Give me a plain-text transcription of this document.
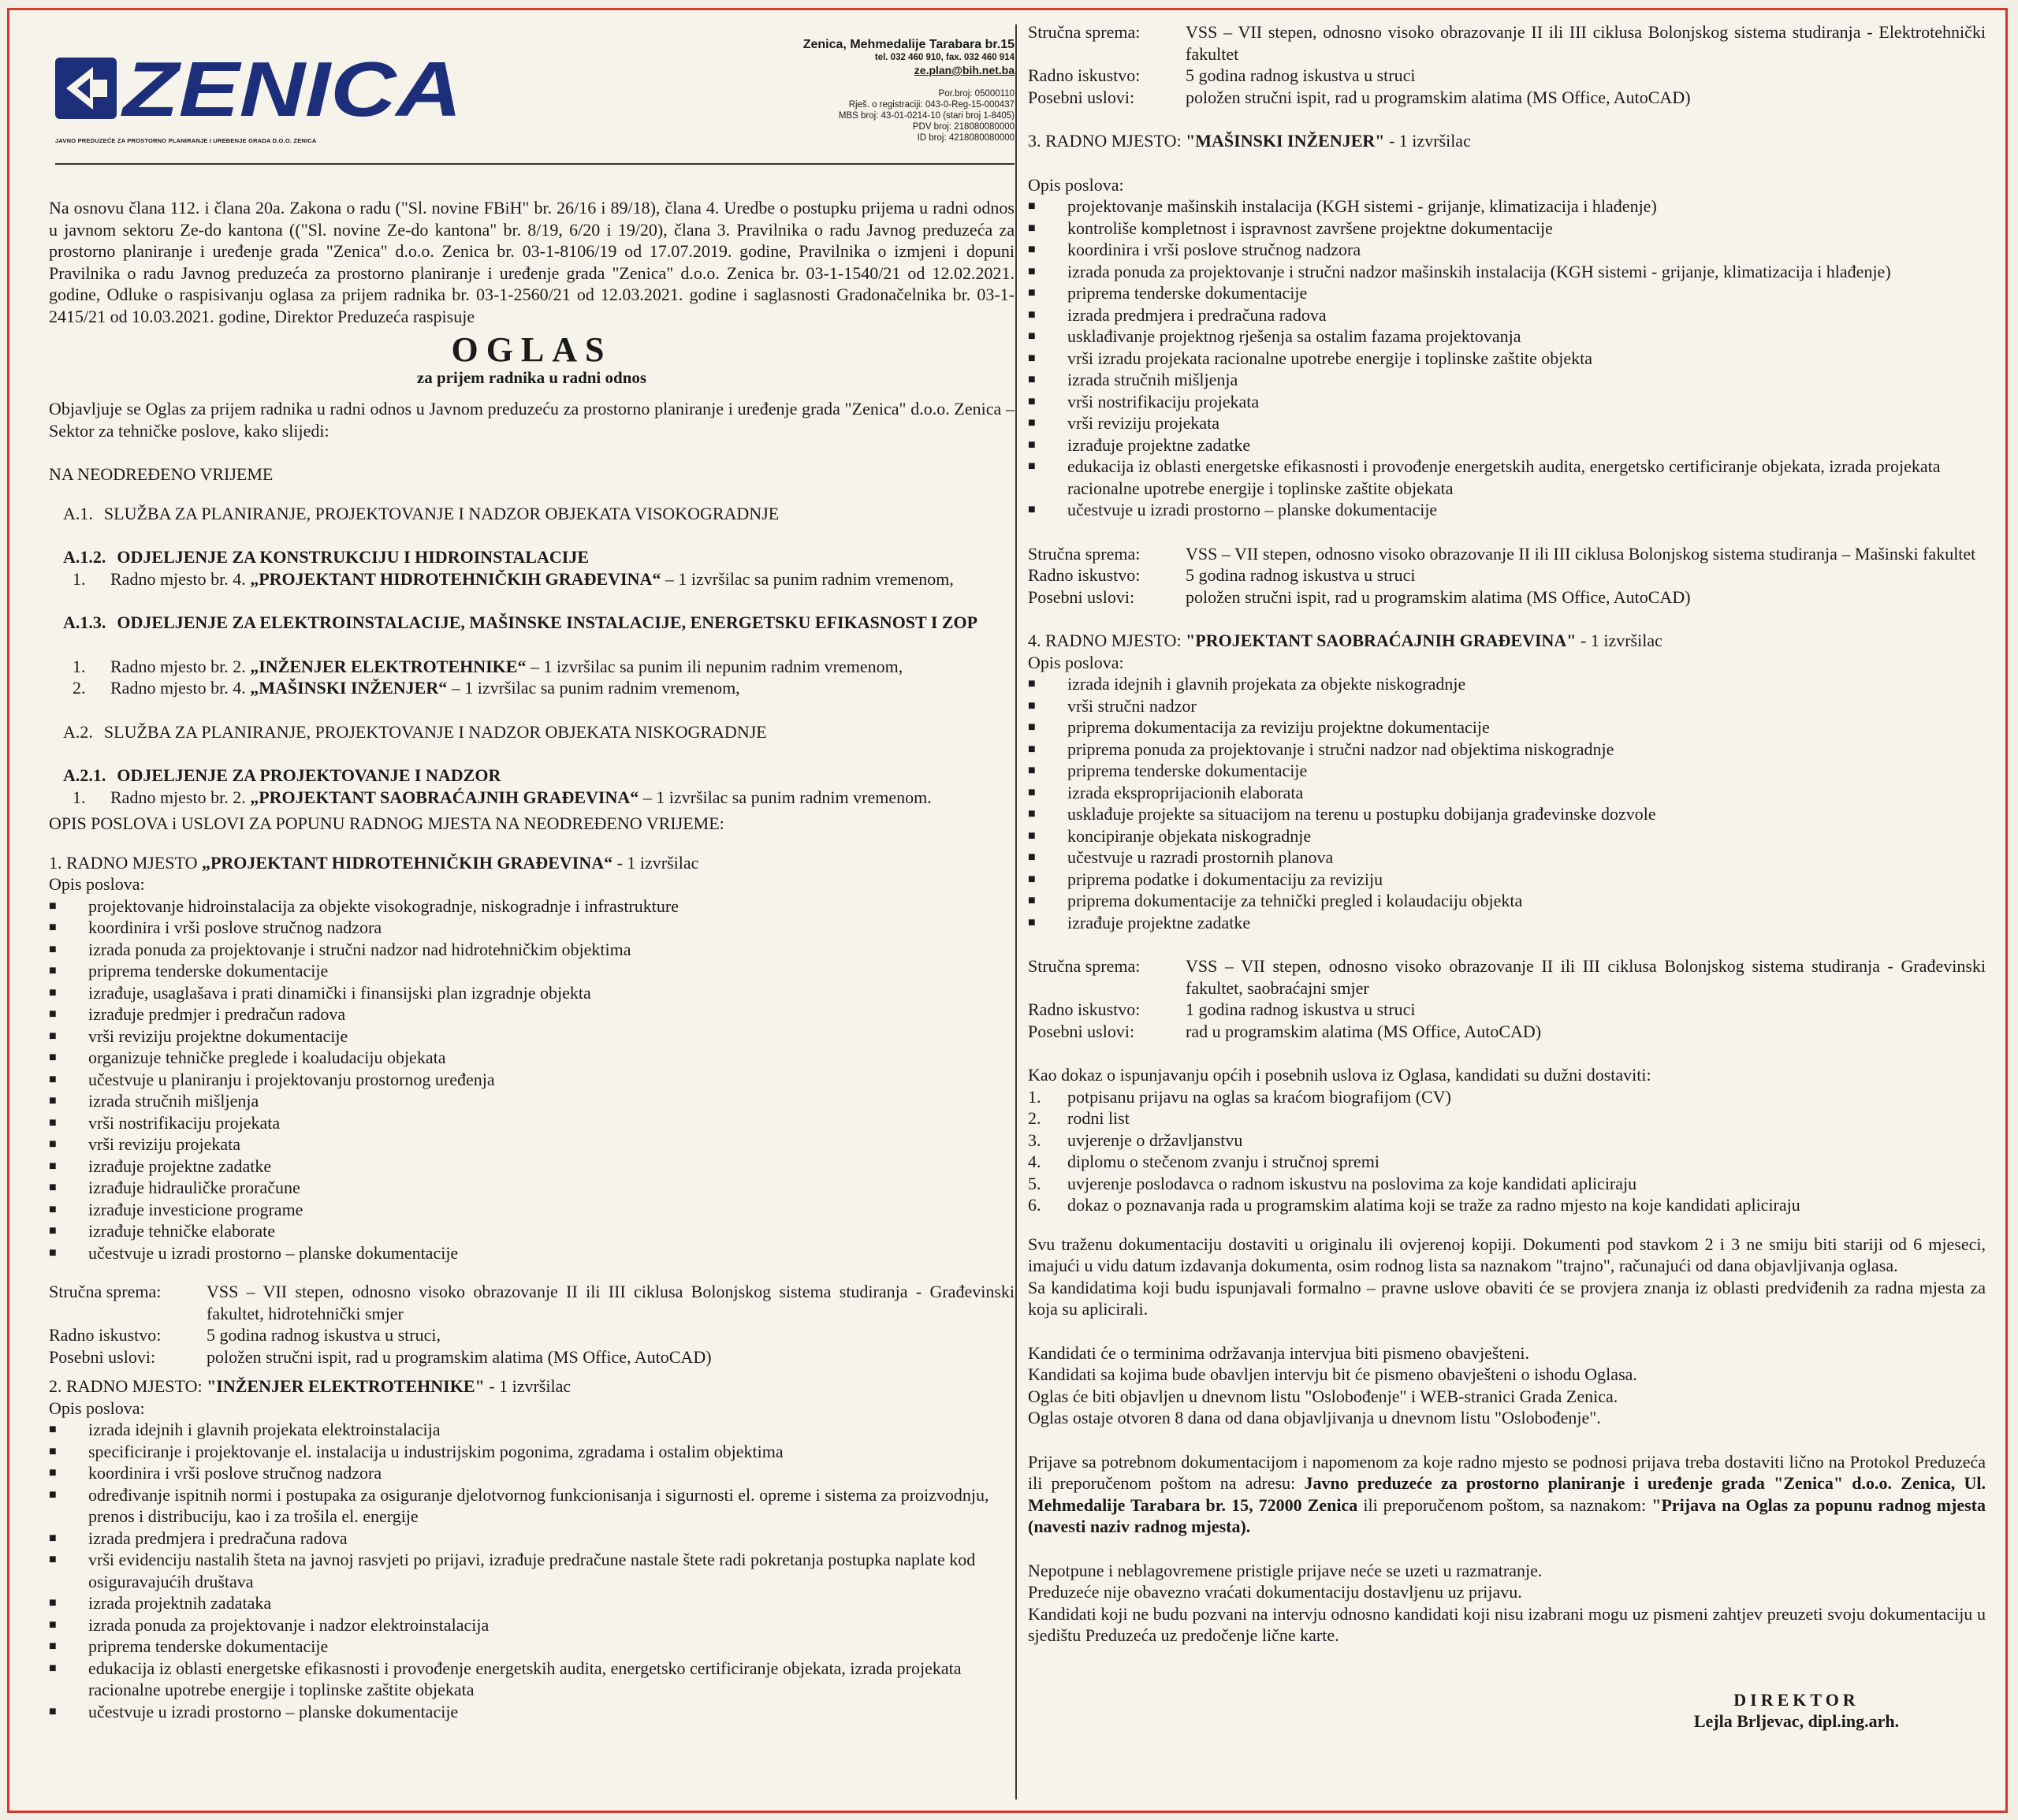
ZENICA
JAVNO PREDUZEĆE ZA PROSTORNO PLANIRANJE I UREĐENJE GRADA D.O.O. ZENICA
Zenica, Mehmedalije Tarabara br.15
tel. 032 460 910, fax. 032 460 914
ze.plan@bih.net.ba
Por.broj: 05000110
Rješ. o registraciji: 043-0-Reg-15-000437
MBS broj: 43-01-0214-10 (stari broj 1-8405)
PDV broj: 218080080000
ID broj: 4218080080000

Na osnovu člana 112. i člana 20a. Zakona o radu ("Sl. novine FBiH" br. 26/16 i 89/18), člana 4. Uredbe o postupku prijema u radni odnos u javnom sektoru Ze-do kantona (("Sl. novine Ze-do kantona" br. 8/19, 6/20 i 19/20), člana 3. Pravilnika o radu Javnog preduzeća za prostorno planiranje i uređenje grada "Zenica" d.o.o. Zenica br. 03-1-8106/19 od 17.07.2019. godine, Pravilnika o izmjeni i dopuni Pravilnika o radu Javnog preduzeća za prostorno planiranje i uređenje grada "Zenica" d.o.o. Zenica br. 03-1-1540/21 od 12.02.2021. godine, Odluke o raspisivanju oglasa za prijem radnika br. 03-1-2560/21 od 12.03.2021. godine i saglasnosti Gradonačelnika br. 03-1-2415/21 od 10.03.2021. godine, Direktor Preduzeća raspisuje

OGLAS
za prijem radnika u radni odnos

Objavljuje se Oglas za prijem radnika u radni odnos u Javnom preduzeću za prostorno planiranje i uređenje grada "Zenica" d.o.o. Zenica – Sektor za tehničke poslove, kako slijedi:

NA NEODREĐENO VRIJEME

A.1. SLUŽBA ZA PLANIRANJE, PROJEKTOVANJE I NADZOR OBJEKATA VISOKOGRADNJE
A.1.2. ODJELJENJE ZA KONSTRUKCIJU I HIDROINSTALACIJE
1.	Radno mjesto br. 4. „PROJEKTANT HIDROTEHNIČKIH GRAĐEVINA“ – 1 izvršilac sa punim radnim vremenom,
A.1.3. ODJELJENJE ZA ELEKTROINSTALACIJE, MAŠINSKE INSTALACIJE, ENERGETSKU EFIKASNOST I ZOP
1.	Radno mjesto br. 2. „INŽENJER ELEKTROTEHNIKE“ – 1 izvršilac sa punim ili nepunim radnim vremenom,
2.	Radno mjesto br. 4. „MAŠINSKI INŽENJER“ – 1 izvršilac sa punim radnim vremenom,
A.2. SLUŽBA ZA PLANIRANJE, PROJEKTOVANJE I NADZOR OBJEKATA NISKOGRADNJE
A.2.1. ODJELJENJE ZA PROJEKTOVANJE I NADZOR
1.	Radno mjesto br. 2. „PROJEKTANT SAOBRAĆAJNIH GRAĐEVINA“ – 1 izvršilac sa punim radnim vremenom.

OPIS POSLOVA i USLOVI ZA POPUNU RADNOG MJESTA NA NEODREĐENO VRIJEME:

1. RADNO MJESTO „PROJEKTANT HIDROTEHNIČKIH GRAĐEVINA“ - 1 izvršilac

Opis poslova:

■	projektovanje hidroinstalacija za objekte visokogradnje, niskogradnje i infrastrukture
■	koordinira i vrši poslove stručnog nadzora
■	izrada ponuda za projektovanje i stručni nadzor nad hidrotehničkim objektima
■	priprema tenderske dokumentacije
■	izrađuje, usaglašava i prati dinamički i finansijski plan izgradnje objekta
■	izrađuje predmjer i predračun radova
■	vrši reviziju projektne dokumentacije
■	organizuje tehničke preglede i koaludaciju objekata
■	učestvuje u planiranju i projektovanju prostornog uređenja
■	izrada stručnih mišljenja
■	vrši nostrifikaciju projekata
■	vrši reviziju projekata
■	izrađuje projektne zadatke
■	izrađuje hidrauličke proračune
■	izrađuje investicione programe
■	izrađuje tehničke elaborate
■	učestvuje u izradi prostorno – planske dokumentacije
Stručna sprema:	VSS – VII stepen, odnosno visoko obrazovanje II ili III ciklusa Bolonjskog sistema studiranja - Građevinski fakultet, hidrotehnički smjer
Radno iskustvo:	5 godina radnog iskustva u struci,
Posebni uslovi:	položen stručni ispit, rad u programskim alatima (MS Office, AutoCAD)

2. RADNO MJESTO: "INŽENJER ELEKTROTEHNIKE" - 1 izvršilac

Opis poslova:

■	izrada idejnih i glavnih projekata elektroinstalacija
■	specificiranje i projektovanje el. instalacija u industrijskim pogonima, zgradama i ostalim objektima
■	koordinira i vrši poslove stručnog nadzora
■	određivanje ispitnih normi i postupaka za osiguranje djelotvornog funkcionisanja i sigurnosti el. opreme i sistema za proizvodnju, prenos i distribuciju, kao i za trošila el. energije
■	izrada predmjera i predračuna radova
■	vrši evidenciju nastalih šteta na javnoj rasvjeti po prijavi, izrađuje predračune nastale štete radi pokretanja postupka naplate kod osiguravajućih društava
■	izrada projektnih zadataka
■	izrada ponuda za projektovanje i nadzor elektroinstalacija
■	priprema tenderske dokumentacije
■	edukacija iz oblasti energetske efikasnosti i provođenje energetskih audita, energetsko certificiranje objekata, izrada projekata racionalne upotrebe energije i toplinske zaštite objekata
■	učestvuje u izradi prostorno – planske dokumentacije
Stručna sprema:	VSS – VII stepen, odnosno visoko obrazovanje II ili III ciklusa Bolonjskog sistema studiranja - Elektrotehnički fakultet
Radno iskustvo:	5 godina radnog iskustva u struci
Posebni uslovi:	položen stručni ispit, rad u programskim alatima (MS Office, AutoCAD)

3. RADNO MJESTO: "MAŠINSKI INŽENJER" - 1 izvršilac

Opis poslova:

■	projektovanje mašinskih instalacija (KGH sistemi - grijanje, klimatizacija i hlađenje)
■	kontroliše kompletnost i ispravnost završene projektne dokumentacije
■	koordinira i vrši poslove stručnog nadzora
■	izrada ponuda za projektovanje i stručni nadzor mašinskih instalacija (KGH sistemi - grijanje, klimatizacija i hlađenje)
■	priprema tenderske dokumentacije
■	izrada predmjera i predračuna radova
■	usklađivanje projektnog rješenja sa ostalim fazama projektovanja
■	vrši izradu projekata racionalne upotrebe energije i toplinske zaštite objekta
■	izrada stručnih mišljenja
■	vrši nostrifikaciju projekata
■	vrši reviziju projekata
■	izrađuje projektne zadatke
■	edukacija iz oblasti energetske efikasnosti i provođenje energetskih audita, energetsko certificiranje objekata, izrada projekata racionalne upotrebe energije i toplinske zaštite objekata
■	učestvuje u izradi prostorno – planske dokumentacije
Stručna sprema:	VSS – VII stepen, odnosno visoko obrazovanje II ili III ciklusa Bolonjskog sistema studiranja – Mašinski fakultet
Radno iskustvo:	5 godina radnog iskustva u struci
Posebni uslovi:	položen stručni ispit, rad u programskim alatima (MS Office, AutoCAD)

4. RADNO MJESTO: "PROJEKTANT SAOBRAĆAJNIH GRAĐEVINA" - 1 izvršilac

Opis poslova:

■	izrada idejnih i glavnih projekata za objekte niskogradnje
■	vrši stručni nadzor
■	priprema dokumentacija za reviziju projektne dokumentacije
■	priprema ponuda za projektovanje i stručni nadzor nad objektima niskogradnje
■	priprema tenderske dokumentacije
■	izrada eksproprijacionih elaborata
■	usklađuje projekte sa situacijom na terenu u postupku dobijanja građevinske dozvole
■	koncipiranje objekata niskogradnje
■	učestvuje u razradi prostornih planova
■	priprema podatke i dokumentaciju za reviziju
■	priprema dokumentacije za tehnički pregled i kolaudaciju objekta
■	izrađuje projektne zadatke
Stručna sprema:	VSS – VII stepen, odnosno visoko obrazovanje II ili III ciklusa Bolonjskog sistema studiranja - Građevinski fakultet, saobraćajni smjer
Radno iskustvo:	1 godina radnog iskustva u struci
Posebni uslovi:	rad u programskim alatima (MS Office, AutoCAD)

Kao dokaz o ispunjavanju općih i posebnih uslova iz Oglasa, kandidati su dužni dostaviti:

1.	potpisanu prijavu na oglas sa kraćom biografijom (CV)
2.	rodni list
3.	uvjerenje o državljanstvu
4.	diplomu o stečenom zvanju i stručnoj spremi
5.	uvjerenje poslodavca o radnom iskustvu na poslovima za koje kandidati apliciraju
6.	dokaz o poznavanja rada u programskim alatima koji se traže za radno mjesto na koje kandidati apliciraju

Svu traženu dokumentaciju dostaviti u originalu ili ovjerenoj kopiji. Dokumenti pod stavkom 2 i 3 ne smiju biti stariji od 6 mjeseci, imajući u vidu datum izdavanja dokumenta, osim rodnog lista sa naznakom "trajno", računajući od dana objavljivanja oglasa.

Sa kandidatima koji budu ispunjavali formalno – pravne uslove obaviti će se provjera znanja iz oblasti predviđenih za radna mjesta za koja su aplicirali.

Kandidati će o terminima održavanja intervjua biti pismeno obavještеni.

Kandidati sa kojima bude obavljen intervju bit će pismeno obavještеni o ishodu Oglasa.

Oglas će biti objavljen u dnevnom listu "Oslobođenje" i WEB-stranici Grada Zenica.

Oglas ostaje otvoren 8 dana od dana objavljivanja u dnevnom listu "Oslobođenje".

Prijave sa potrebnom dokumentacijom i napomenom za koje radno mjesto se podnosi prijava treba dostaviti lično na Protokol Preduzeća ili preporučenom poštom na adresu: Javno preduzeće za prostorno planiranje i uređenje grada "Zenica" d.o.o. Zenica, Ul. Mehmedalije Tarabara br. 15, 72000 Zenica ili preporučenom poštom, sa naznakom: "Prijava na Oglas za popunu radnog mjesta (navesti naziv radnog mjesta).

Nepotpune i neblagovremene pristigle prijave neće se uzeti u razmatranje.

Preduzeće nije obavezno vraćati dokumentaciju dostavljenu uz prijavu.

Kandidati koji ne budu pozvani na intervju odnosno kandidati koji nisu izabrani mogu uz pismeni zahtjev preuzeti svoju dokumentaciju u sjedištu Preduzeća uz predočenje lične karte.

DIREKTOR
Lejla Brljevac, dipl.ing.arh.
